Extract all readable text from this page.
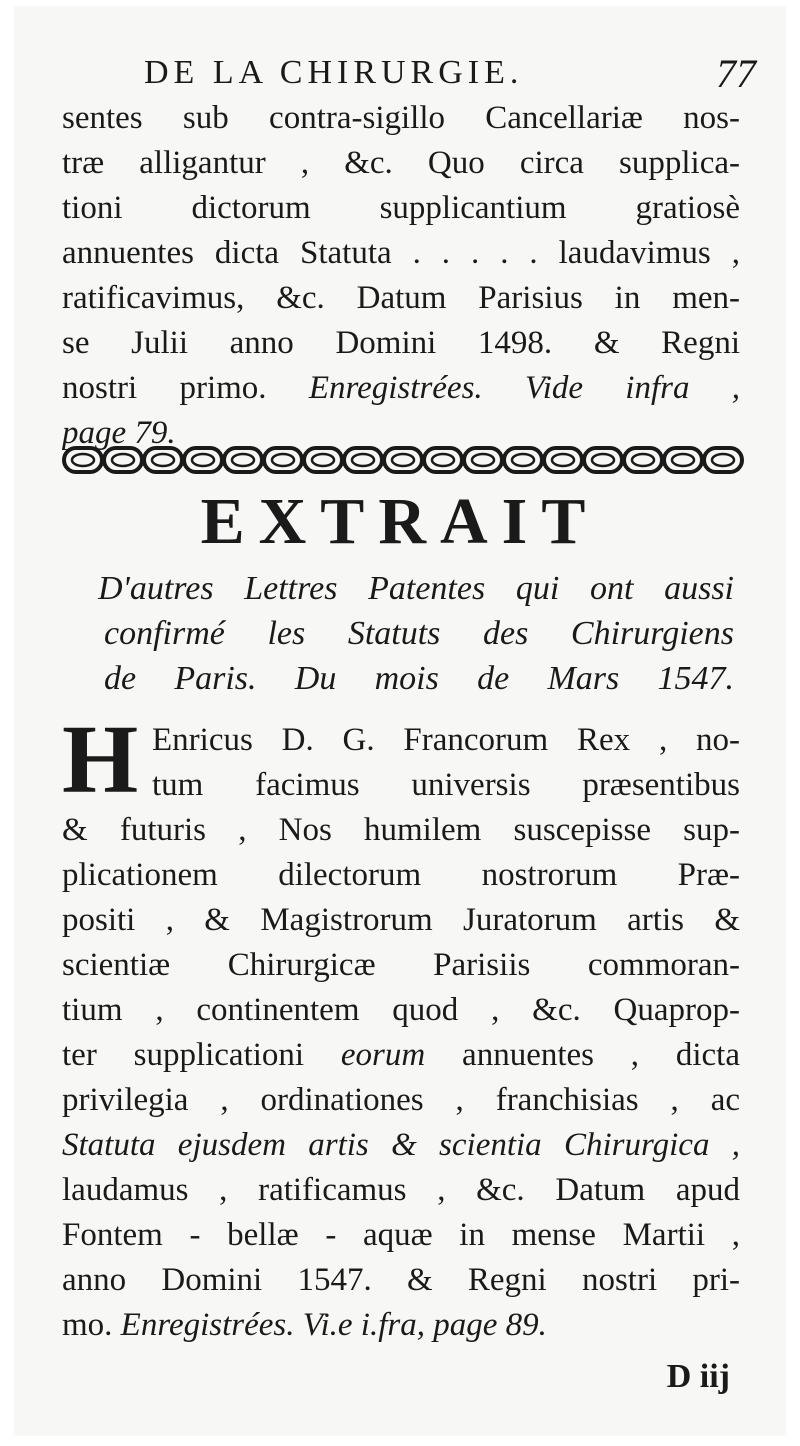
DE LA CHIRURGIE.	77
sentes sub contra-sigillo Cancellariæ nos-
træ alligantur , &c. Quo circa supplica-
tioni dictorum supplicantium gratiosè
annuentes dicta Statuta . . . . . laudavimus ,
ratificavimus, &c. Datum Parisius in men-
se Julii anno Domini 1498. & Regni
nostri primo. Enregistrées. Vide infra ,
page 79.
EXTRAIT
D'autres Lettres Patentes qui ont aussi
confirmé les Statuts des Chirurgiens
de Paris. Du mois de Mars 1547.
H Enricus D. G. Francorum Rex , no-
tum facimus universis præsentibus
& futuris , Nos humilem suscepisse sup-
plicationem dilectorum nostrorum Præ-
positi , & Magistrorum Juratorum artis &
scientiæ Chirurgicæ Parisiis commoran-
tium , continentem quod , &c. Quaprop-
ter supplicationi eorum annuentes , dicta
privilegia , ordinationes , franchisias , ac
Statuta ejusdem artis & scientia Chirurgica ,
laudamus , ratificamus , &c. Datum apud
Fontem - bellæ - aquæ in mense Martii ,
anno Domini 1547. & Regni nostri pri-
mo. Enregistrées. Vi.e i.fra, page 89.
D iij
